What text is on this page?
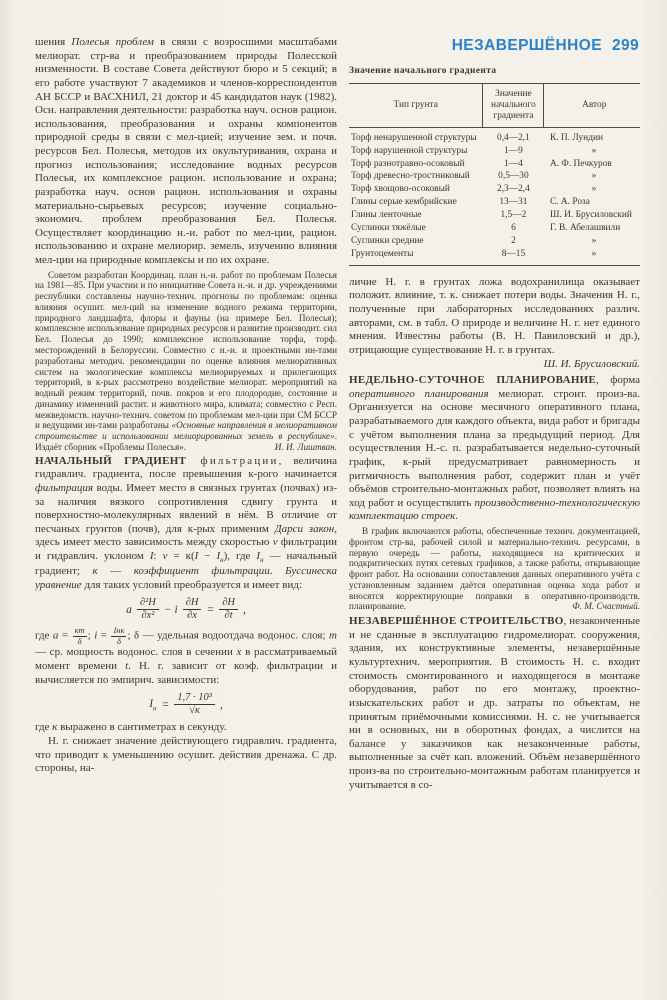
НЕЗАВЕРШЁННОЕ 299

шения Полесья проблем в связи с возросшими масштабами мелиорат. стр-ва и преобразованием природы Полесской низменности. В составе Совета действуют бюро и 5 секций; в его работе участвуют 7 академиков и членов-корреспондентов АН БССР и ВАСХНИЛ, 21 доктор и 45 кандидатов наук (1982). Осн. направления деятельности: разработка науч. основ рацион. использования, преобразования и охраны компонентов природной среды в связи с мел-цией; изучение зем. и почв. ресурсов Бел. Полесья, методов их окультуривания, охрана и прогноз использования; исследование водных ресурсов Полесья, их комплексное рацион. использование и охрана; разработка науч. основ рацион. использования и охраны материально-сырьевых ресурсов; изучение социально-экономич. проблем преобразования Бел. Полесья. Осуществляет координацию н.-и. работ по мел-ции, рацион. использованию и охране мелиорир. земель, изучению влияния мел-ции на природные комплексы и по их охране.

Советом разработан Координац. план н.-и. работ по проблемам Полесья на 1981—85. При участии и по инициативе Совета н.-и. и др. учреждениями республики составлены научно-технич. прогнозы по проблемам: оценка влияния осушит. мел-ций на изменение водного режима территории, природного ландшафта, флоры и фауны (на примере Бел. Полесья); комплексное использование природных ресурсов и развитие производит. сил Бел. Полесья до 1990; комплексное использование торфа, торф. месторождений в Белоруссии. Совместно с н.-и. и проектными ин-тами разработаны методич. рекомендации по оценке влияния мелиоративных систем на экологические комплексы мелиорируемых и прилегающих территорий, в к-рых рассмотрено воздействие мелиорат. мероприятий на водный режим территорий, почв. покров и его плодородие, состояние и динамику изменений растит. и животного мира, климата; совместно с Респ. межведомств. научно-технич. советом по проблемам мел-ции при СМ БССР и ведущими ин-тами разработаны «Основные направления в мелиоративном строительстве и использовании мелиорированных земель в республике». Издаёт сборник «Проблемы Полесья».	И. И. Лиштван.

НАЧАЛЬНЫЙ ГРАДИЕНТ фильтрации, величина гидравлич. градиента, после превышения к-рого начинается фильтрация воды. Имеет место в связных грунтах (почвах) из-за наличия вязкого сопротивления сдвигу грунта и поверхностно-молекулярных явлений в нём. В отличие от песчаных грунтов (почв), для к-рых применим Дарси закон, здесь имеет место зависимость между скоростью v фильтрации и гидравлич. уклоном I: $v = к(I - I_н)$, где $I_н$ — начальный градиент; к — коэффициент фильтрации. Буссинеска уравнение для таких условий преобразуется и имеет вид:

a $\frac{\text{∂²H}}{\text{∂x²}} - i \frac{\partial H}{\partial x} = \frac{\partial H}{\partial t}$ ,

где a = кm
δ ; i = Iнк
δ ; δ — удельная водоотдача водонос. слоя; m — ср. мощность водонос. слоя в сечении x в рассматриваемый момент времени t. Н. г. зависит от коэф. фильтрации и вычисляется по эмпирич. зависимости:

$I_н = \frac{\text{1,7 · 10³}}{√к}$ ,

где к выражено в сантиметрах в секунду.

Н. г. снижает значение действующего гидравлич. градиента, что приводит к уменьшению осушит. действия дренажа. С др. стороны, на-

Значение начального градиента
Тип грунта	Значение начального градиента	Автор
Торф ненарушенной структуры	0,4—2,1	К. П. Лундин
Торф нарушенной структуры	1—9	»
Торф разнотравно-осоковый	1—4	А. Ф. Печкуров
Торф древесно-тростниковый	0,5—30	»
Торф хвощово-осоковый	2,3—2,4	»
Глины серые кембрийские	13—31	С. А. Роза
Глины ленточные	1,5—2	Ш. И. Брусиловский
Суглинки тяжёлые	6	Г. В. Абелашвили
Суглинки средние	2	»
Грунтоцементы	8—15	»

личие Н. г. в грунтах ложа водохранилища оказывает положит. влияние, т. к. снижает потери воды. Значения Н. г., полученные при лабораторных исследованиях различ. авторами, см. в табл. О природе и величине Н. г. нет единого мнения. Известны работы (В. Н. Павиловский и др.), отрицающие существование Н. г. в грунтах.
Ш. И. Брусиловский.

НЕДЕЛЬНО-СУТОЧНОЕ ПЛАНИРОВАНИЕ, форма оперативного планирования мелиорат. строит. произ-ва. Организуется на основе месячного оперативного плана, разрабатываемого для каждого объекта, вида работ и бригады с учётом выполнения плана за предыдущий период. Для осуществления Н.-с. п. разрабатывается недельно-суточный график, к-рый предусматривает равномерность и ритмичность выполнения работ, содержит план и учёт объёмов строительно-монтажных работ, позволяет влиять на ход работ и осуществлять производственно-технологическую комплектацию строек.

В график включаются работы, обеспеченные технич. документацией, фронтом стр-ва, рабочей силой и материально-технич. ресурсами, в первую очередь — работы, находящиеся на критических и подкритических путях сетевых графиков, а также работы, открывающие фронт работ. На основании сопоставления данных оперативного учёта с установленным заданием даётся оперативная оценка хода работ и вносятся корректирующие поправки в оперативно-производств. планирование.	Ф. М. Счастный.

НЕЗАВЕРШЁННОЕ СТРОИТЕЛЬСТВО, незаконченные и не сданные в эксплуатацию гидромелиорат. сооружения, здания, их конструктивные элементы, незавершённые культуртехнич. мероприятия. В стоимость Н. с. входит стоимость смонтированного и находящегося в монтаже оборудования, работ по его монтажу, проектно-изыскательских работ и др. затраты по объектам, не принятым приёмочными комиссиями. Н. с. не учитывается ни в основных, ни в оборотных фондах, а числится на балансе у заказчиков как незаконченные работы, выполненные за счёт кап. вложений. Объём незавершённого произ-ва по строительно-монтажным работам планируется и учитывается в со-
